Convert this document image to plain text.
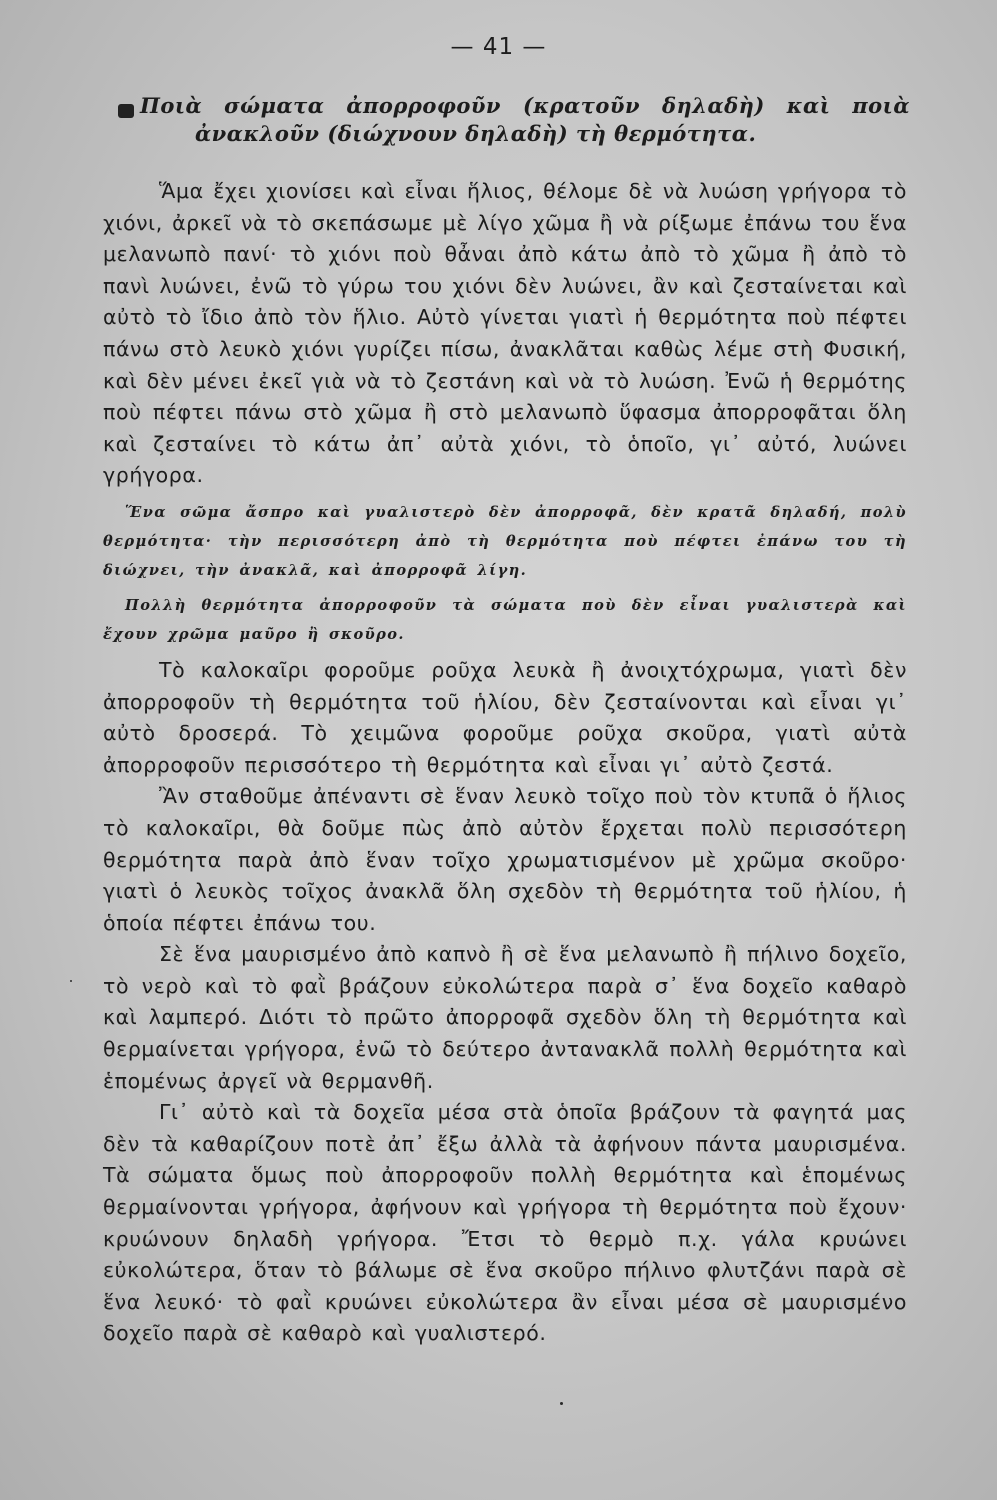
— 41 —
Ποιὰ σώματα ἀπορροφοῦν (κρατοῦν δηλαδὴ) καὶ ποιὰ
ἀνακλοῦν (διώχνουν δηλαδὴ) τὴ θερμότητα.

Ἅμα ἔχει χιονίσει καὶ εἶναι ἥλιος, θέλομε δὲ νὰ λυώση γρήγορα τὸ χιόνι, ἀρκεῖ νὰ τὸ σκεπάσωμε μὲ λίγο χῶμα ἢ νὰ ρίξωμε ἐπάνω του ἕνα μελανωπὸ πανί· τὸ χιόνι ποὺ θἆναι ἀπὸ κάτω ἀπὸ τὸ χῶμα ἢ ἀπὸ τὸ πανὶ λυώνει, ἐνῶ τὸ γύρω του χιόνι δὲν λυώνει, ἂν καὶ ζεσταίνεται καὶ αὐτὸ τὸ ἴδιο ἀπὸ τὸν ἥλιο. Αὐτὸ γίνεται γιατὶ ἡ θερμότητα ποὺ πέφτει πάνω στὸ λευκὸ χιόνι γυρίζει πίσω, ἀνακλᾶται καθὼς λέμε στὴ Φυσική, καὶ δὲν μένει ἐκεῖ γιὰ νὰ τὸ ζεστάνη καὶ νὰ τὸ λυώση. Ἐνῶ ἡ θερμότης ποὺ πέφτει πάνω στὸ χῶμα ἢ στὸ μελανωπὸ ὕφασμα ἀπορροφᾶται ὅλη καὶ ζεσταίνει τὸ κάτω ἀπ᾽ αὐτὰ χιόνι, τὸ ὁποῖο, γι᾽ αὐτό, λυώνει γρήγορα.

Ἕνα σῶμα ἄσπρο καὶ γυαλιστερὸ δὲν ἀπορροφᾶ, δὲν κρατᾶ δηλαδή, πολὺ θερμότητα· τὴν περισσότερη ἀπὸ τὴ θερμότητα ποὺ πέφτει ἐπάνω του τὴ διώχνει, τὴν ἀνακλᾶ, καὶ ἀπορροφᾶ λίγη.

Πολλὴ θερμότητα ἀπορροφοῦν τὰ σώματα ποὺ δὲν εἶναι γυαλιστερὰ καὶ ἔχουν χρῶμα μαῦρο ἢ σκοῦρο.

Τὸ καλοκαῖρι φοροῦμε ροῦχα λευκὰ ἢ ἀνοιχτόχρωμα, γιατὶ δὲν ἀπορροφοῦν τὴ θερμότητα τοῦ ἡλίου, δὲν ζεσταίνονται καὶ εἶναι γι᾽ αὐτὸ δροσερά. Τὸ χειμῶνα φοροῦμε ροῦχα σκοῦρα, γιατὶ αὐτὰ ἀπορροφοῦν περισσότερο τὴ θερμότητα καὶ εἶναι γι᾽ αὐτὸ ζεστά.

Ἂν σταθοῦμε ἀπέναντι σὲ ἕναν λευκὸ τοῖχο ποὺ τὸν κτυπᾶ ὁ ἥλιος τὸ καλοκαῖρι, θὰ δοῦμε πὼς ἀπὸ αὐτὸν ἔρχεται πολὺ περισσότερη θερμότητα παρὰ ἀπὸ ἕναν τοῖχο χρωματισμένον μὲ χρῶμα σκοῦρο· γιατὶ ὁ λευκὸς τοῖχος ἀνακλᾶ ὅλη σχεδὸν τὴ θερμότητα τοῦ ἡλίου, ἡ ὁποία πέφτει ἐπάνω του.

Σὲ ἕνα μαυρισμένο ἀπὸ καπνὸ ἢ σὲ ἕνα μελανωπὸ ἢ πήλινο δοχεῖο, τὸ νερὸ καὶ τὸ φαῒ βράζουν εὐκολώτερα παρὰ σ᾽ ἕνα δοχεῖο καθαρὸ καὶ λαμπερό. Διότι τὸ πρῶτο ἀπορροφᾶ σχεδὸν ὅλη τὴ θερμότητα καὶ θερμαίνεται γρήγορα, ἐνῶ τὸ δεύτερο ἀντανακλᾶ πολλὴ θερμότητα καὶ ἑπομένως ἀργεῖ νὰ θερμανθῆ.

Γι᾽ αὐτὸ καὶ τὰ δοχεῖα μέσα στὰ ὁποῖα βράζουν τὰ φαγητά μας δὲν τὰ καθαρίζουν ποτὲ ἀπ᾽ ἔξω ἀλλὰ τὰ ἀφήνουν πάντα μαυρισμένα. Τὰ σώματα ὅμως ποὺ ἀπορροφοῦν πολλὴ θερμότητα καὶ ἑπομένως θερμαίνονται γρήγορα, ἀφήνουν καὶ γρήγορα τὴ θερμότητα ποὺ ἔχουν· κρυώνουν δηλαδὴ γρήγορα. Ἔτσι τὸ θερμὸ π.χ. γάλα κρυώνει εὐκολώτερα, ὅταν τὸ βάλωμε σὲ ἕνα σκοῦρο πήλινο φλυτζάνι παρὰ σὲ ἕνα λευκό· τὸ φαῒ κρυώνει εὐκολώτερα ἂν εἶναι μέσα σὲ μαυρισμένο δοχεῖο παρὰ σὲ καθαρὸ καὶ γυαλιστερό.
